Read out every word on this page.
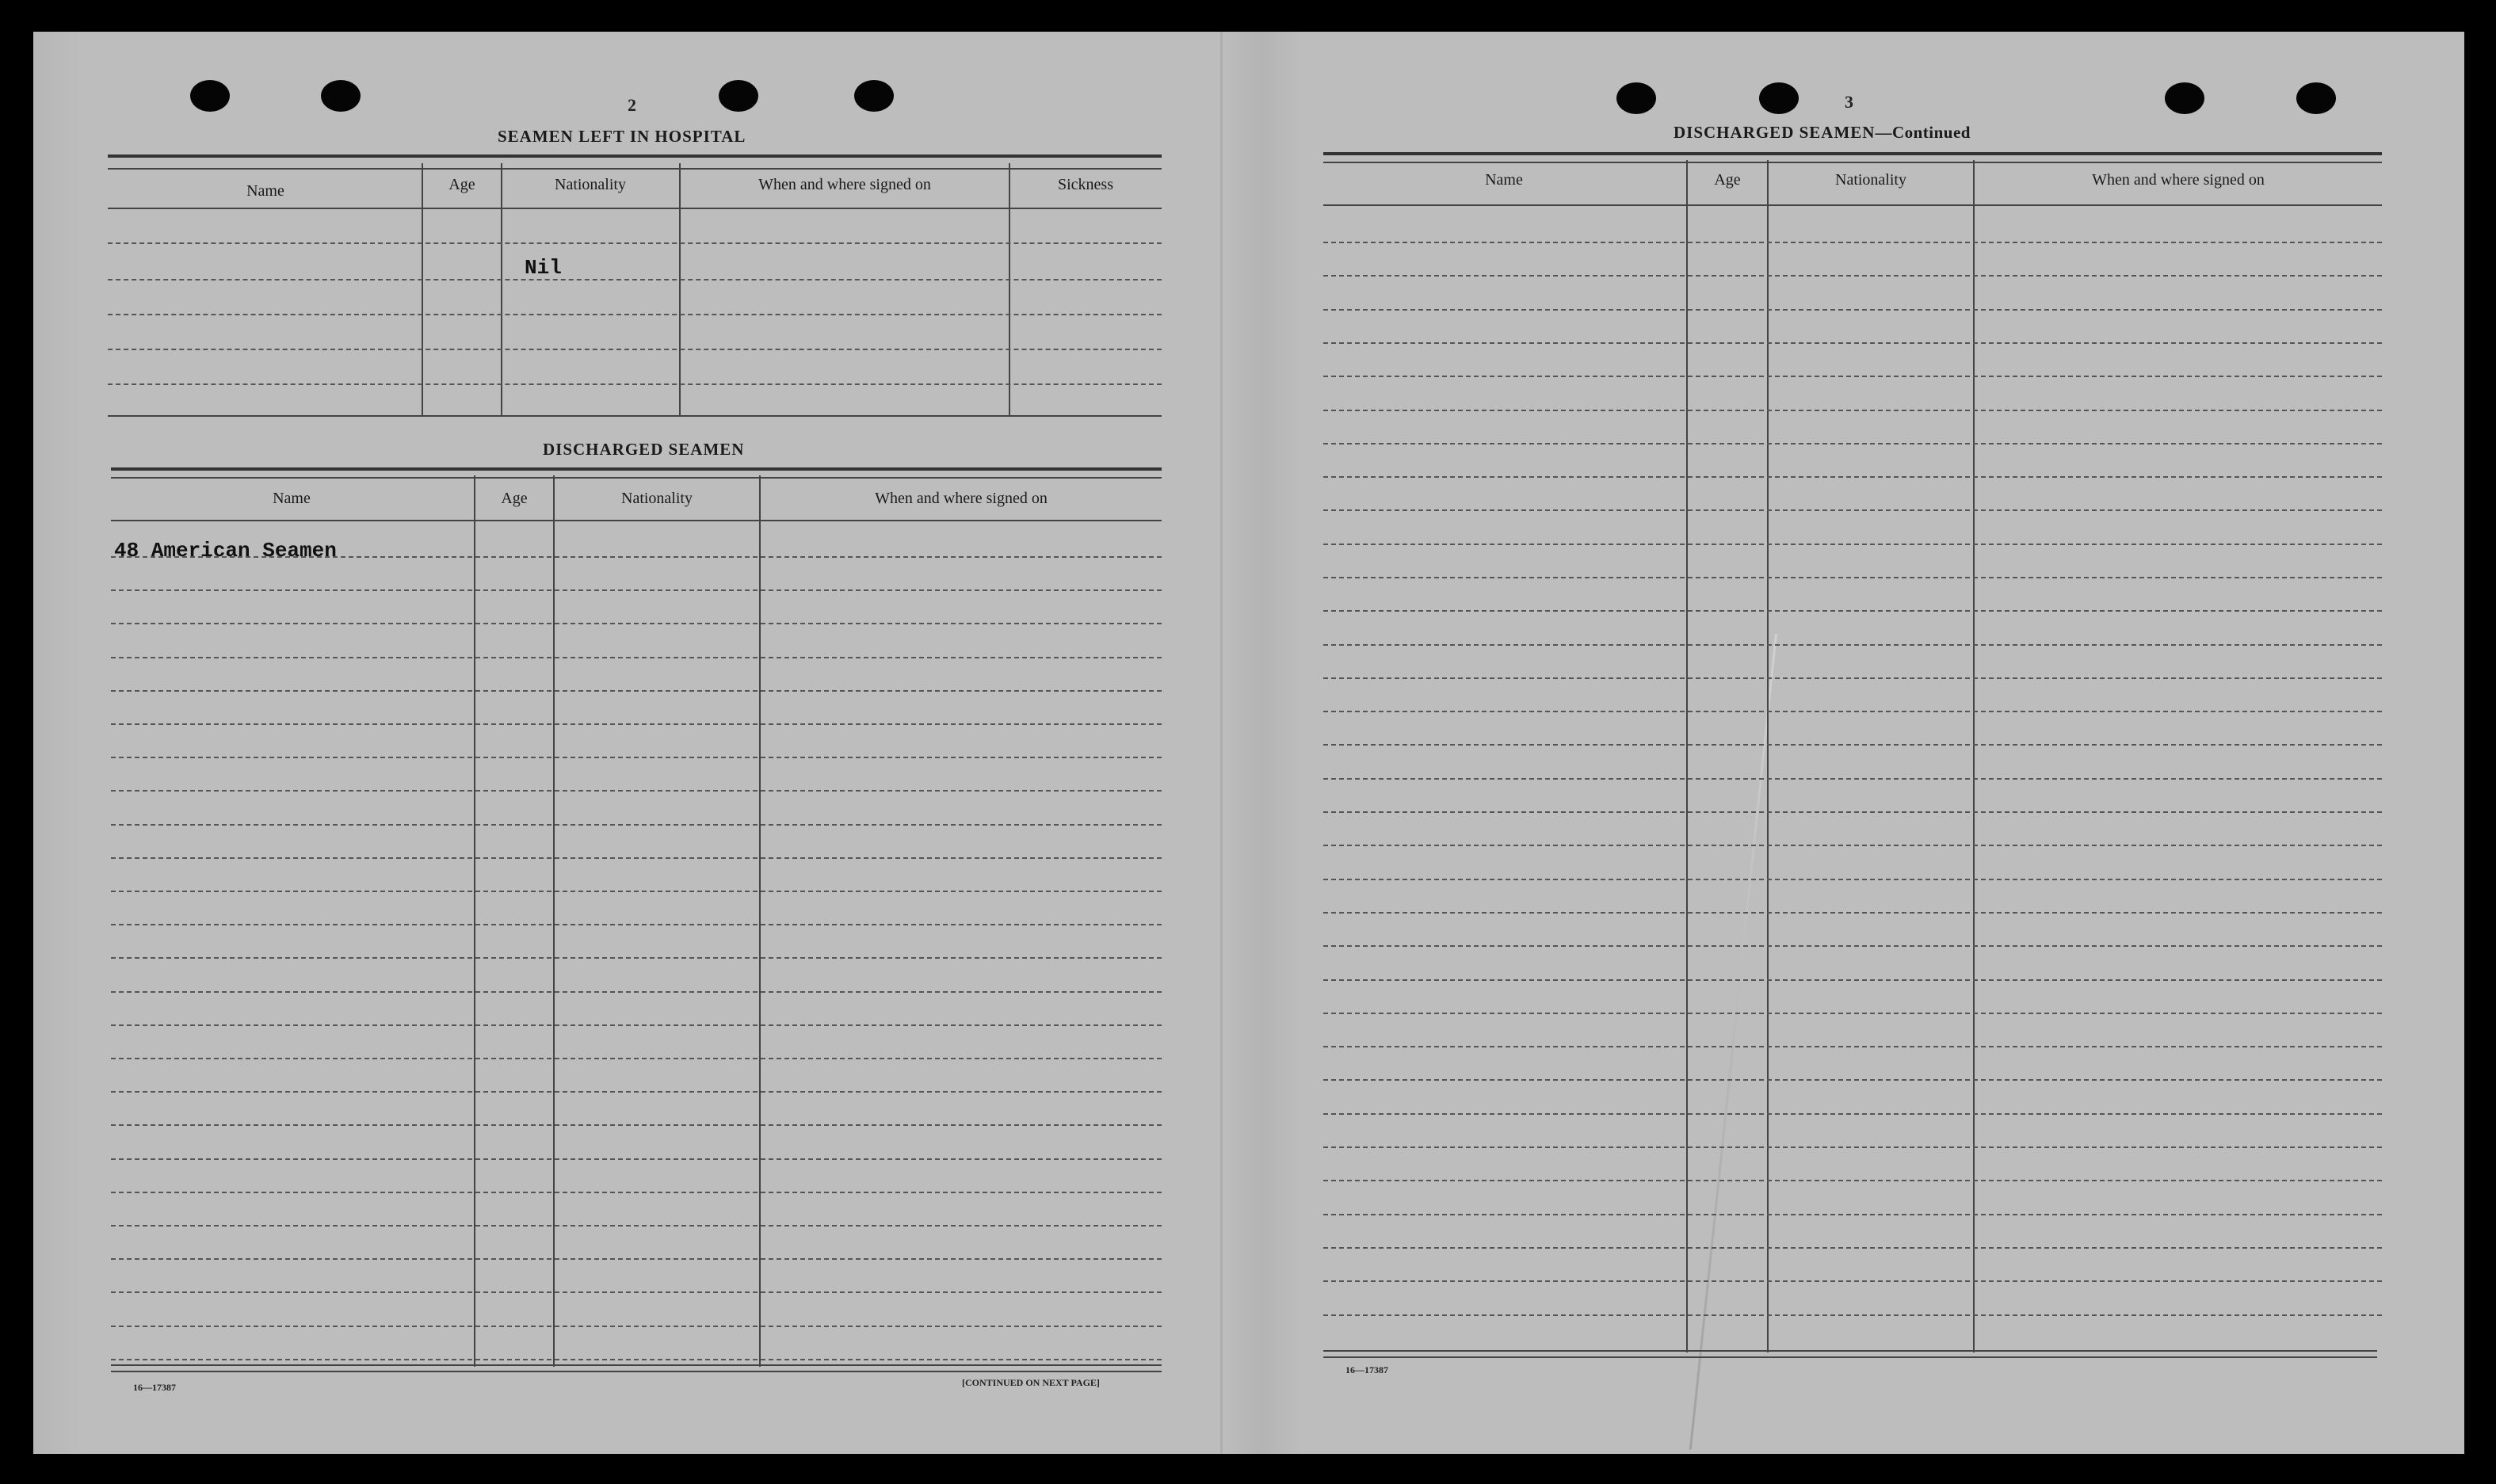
2
SEAMEN LEFT IN HOSPITAL
Name	Age	Nationality	When and where signed on	Sickness
Nil
DISCHARGED SEAMEN
Name	Age	Nationality	When and where signed on
48 American Seamen
16—17387	[CONTINUED ON NEXT PAGE]
3
DISCHARGED SEAMEN—Continued
Name	Age	Nationality	When and where signed on
16—17387
